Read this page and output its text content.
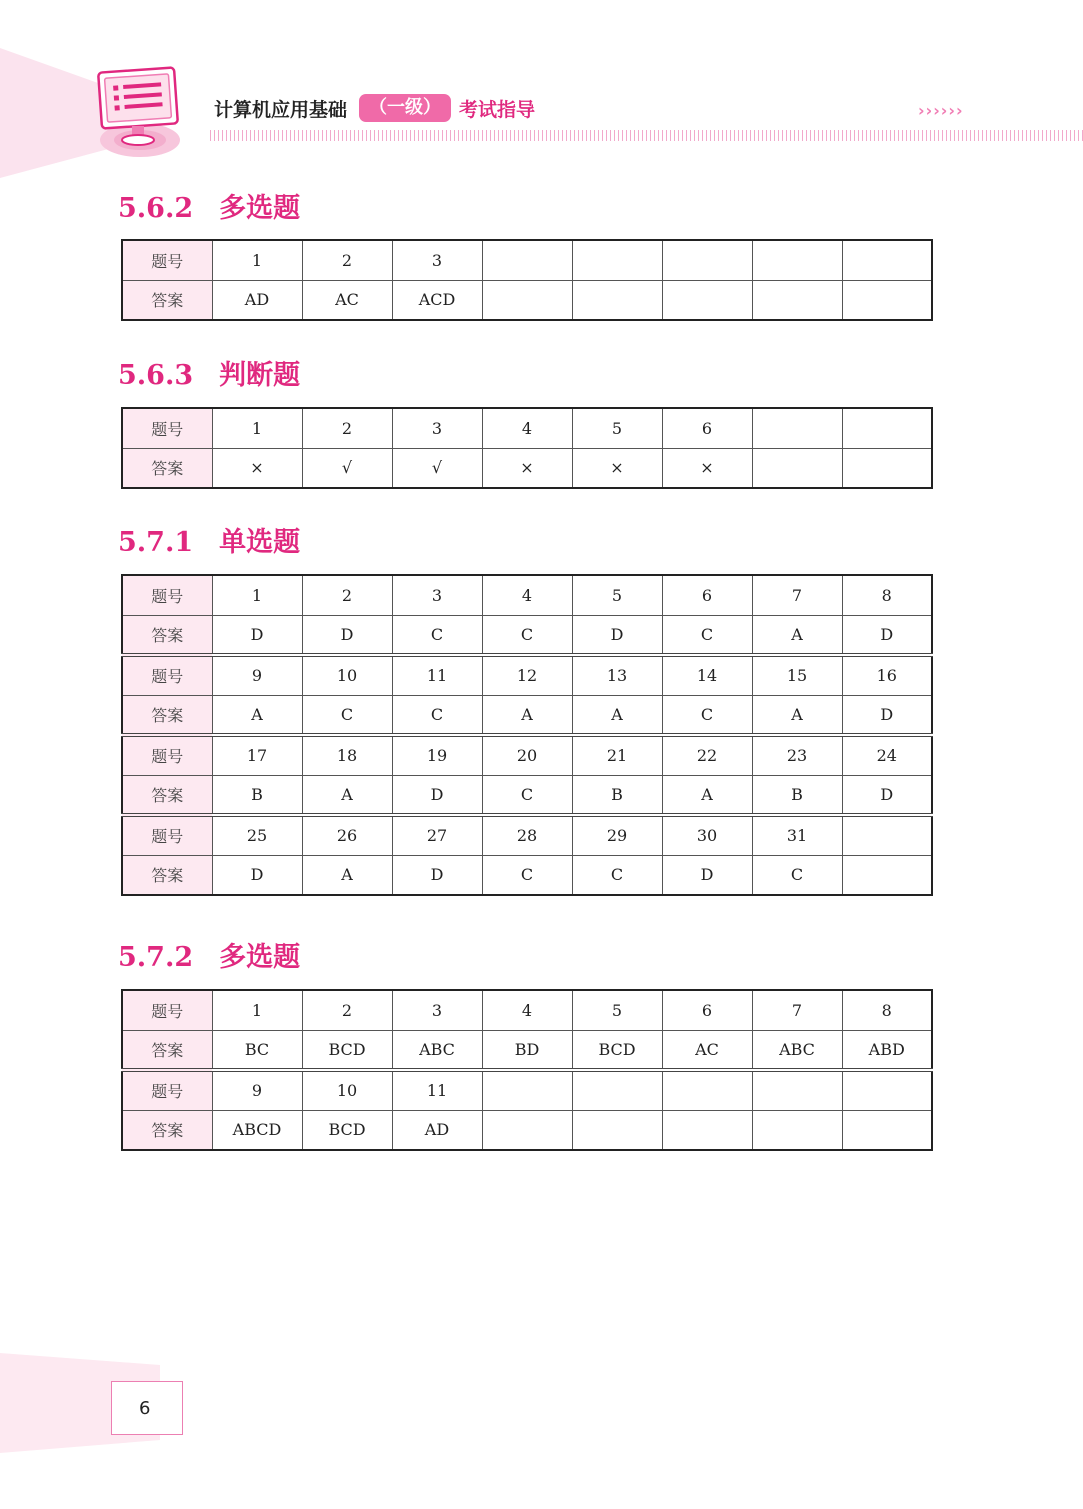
计算机应用基础	（一级） 考试指导	››››››
5.6.2 多选题
题号	1	2	3					
答案	AD	AC	ACD					
5.6.3 判断题
题号	1	2	3	4	5	6		
答案	×	√	√	×	×	×		
5.7.1 单选题
题号	1	2	3	4	5	6	7	8
答案	D	D	C	C	D	C	A	D
题号	9	10	11	12	13	14	15	16
答案	A	C	C	A	A	C	A	D
题号	17	18	19	20	21	22	23	24
答案	B	A	D	C	B	A	B	D
题号	25	26	27	28	29	30	31	
答案	D	A	D	C	C	D	C	
5.7.2 多选题
题号	1	2	3	4	5	6	7	8
答案	BC	BCD	ABC	BD	BCD	AC	ABC	ABD
题号	9	10	11					
答案	ABCD	BCD	AD					
6
